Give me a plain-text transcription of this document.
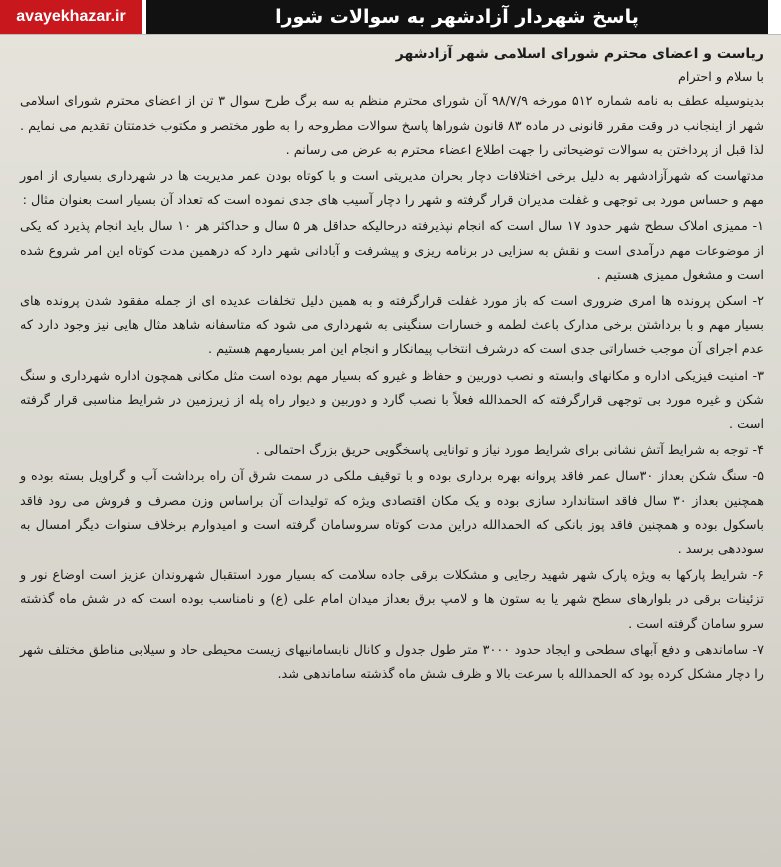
avayekhazar.ir	پاسخ شهردار آزادشهر به سوالات شورا

ریاست و اعضای محترم شورای اسلامی شهر آزادشهر

با سلام و احترام

بدینوسیله عطف به نامه شماره ۵۱۲ مورخه ۹۸/۷/۹ آن شورای محترم منظم به سه برگ طرح سوال ۳ تن از اعضای محترم شورای اسلامی شهر از اینجانب در وقت مقرر قانونی در ماده ۸۳ قانون شوراها پاسخ سوالات مطروحه را به طور مختصر و مکتوب خدمتتان تقدیم می نمایم . لذا قبل از پرداختن به سوالات توضیحاتی را جهت اطلاع اعضاء محترم به عرض می رسانم .

مدتهاست که شهرآزادشهر به دلیل برخی اختلافات دچار بحران مدیریتی است و با کوتاه بودن عمر مدیریت ها در شهرداری بسیاری از امور مهم و حساس مورد بی توجهی و غفلت مدیران قرار گرفته و شهر را دچار آسیب های جدی نموده است که تعداد آن بسیار است بعنوان مثال :

۱- ممیزی املاک سطح شهر حدود ۱۷ سال است که انجام نپذیرفته درحالیکه حداقل هر ۵ سال و حداکثر هر ۱۰ سال باید انجام پذیرد که یکی از موضوعات مهم درآمدی است و نقش به سزایی در برنامه ریزی و پیشرفت و آبادانی شهر دارد که درهمین مدت کوتاه این امر شروع شده است و مشغول ممیزی هستیم .

۲- اسکن پرونده ها امری ضروری است که باز مورد غفلت قرارگرفته و به همین دلیل تخلفات عدیده ای از جمله مفقود شدن پرونده های بسیار مهم و با برداشتن برخی مدارک باعث لطمه و خسارات سنگینی به شهرداری می شود که متاسفانه شاهد مثال هایی نیز وجود دارد که عدم اجرای آن موجب خساراتی جدی است که درشرف انتخاب پیمانکار و انجام این امر بسیارمهم هستیم .

۳- امنیت فیزیکی اداره و مکانهای وابسته و نصب دوربین و حفاظ و غیرو که بسیار مهم بوده است مثل مکانی همچون اداره شهرداری و سنگ شکن و غیره مورد بی توجهی قرارگرفته که الحمدالله فعلاً با نصب گارد و دوربین و دیوار راه پله از زیرزمین در شرایط مناسبی قرار گرفته است .

۴- توجه به شرایط آتش نشانی برای شرایط مورد نیاز و توانایی پاسخگویی حریق بزرگ احتمالی .

۵- سنگ شکن بعداز ۳۰سال عمر فاقد پروانه بهره برداری بوده و با توقیف ملکی در سمت شرق آن راه برداشت آب و گراویل بسته بوده و همچنین بعداز ۳۰ سال فاقد استاندارد سازی بوده و یک مکان اقتصادی ویژه که تولیدات آن براساس وزن مصرف و فروش می رود فاقد باسکول بوده و همچنین فاقد پوز بانکی که الحمدالله دراین مدت کوتاه سروسامان گرفته است و امیدوارم برخلاف سنوات دیگر امسال به سوددهی برسد .

۶- شرایط پارکها به ویژه پارک شهر شهید رجایی و مشکلات برقی جاده سلامت که بسیار مورد استقبال شهروندان عزیز است اوضاع نور و تزئینات برقی در بلوارهای سطح شهر یا به ستون ها و لامپ برق بعداز میدان امام علی (ع) و نامناسب بوده است که در شش ماه گذشته سرو سامان گرفته است .

۷- ساماندهی و دفع آبهای سطحی و ایجاد حدود ۳۰۰۰ متر طول جدول و کانال نابسامانیهای زیست محیطی حاد و سیلابی مناطق مختلف شهر را دچار مشکل کرده بود که الحمدالله با سرعت بالا و ظرف شش ماه گذشته ساماندهی شد.
